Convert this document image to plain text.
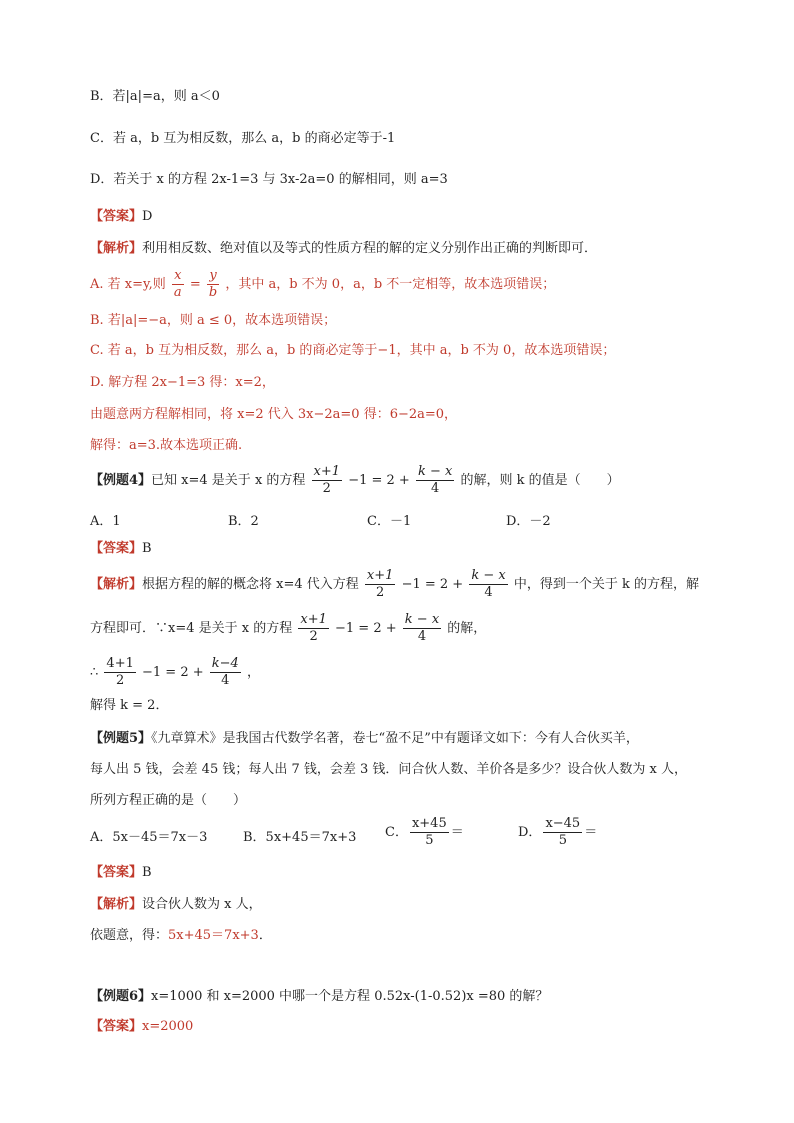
B．若|a|=a，则 a＜0
C．若 a，b 互为相反数，那么 a，b 的商必定等于-1
D．若关于 x 的方程 2x-1=3 与 3x-2a=0 的解相同，则 a=3
【答案】D
【解析】利用相反数、绝对值以及等式的性质方程的解的定义分别作出正确的判断即可．
A. 若 x=y,则 $\frac{x}{a} = \frac{y}{b}$ ，其中 a，b 不为 0，a，b 不一定相等，故本选项错误；
B. 若|a|=−a，则 a ≤ 0，故本选项错误；
C. 若 a，b 互为相反数，那么 a，b 的商必定等于−1，其中 a，b 不为 0，故本选项错误；
D. 解方程 2x−1=3 得：x=2，
由题意两方程解相同，将 x=2 代入 3x−2a=0 得：6−2a=0，
解得：a=3.故本选项正确.
【例题4】已知 x=4 是关于 x 的方程 $\frac{x+1}{2} -1 = 2 + \frac{k - x}{4}$ 的解，则 k 的值是（　　）
A．1	B．2	C．－1	D．－2
【答案】B
【解析】根据方程的解的概念将 x=4 代入方程 $\frac{x+1}{2} -1 = 2 + \frac{k - x}{4}$ 中，得到一个关于 k 的方程，解
方程即可．∵x=4 是关于 x 的方程 $\frac{x+1}{2} -1 = 2 + \frac{k - x}{4}$ 的解，
∴ $\frac{4+1}{2} -1 = 2 + \frac{k-4}{4}$ ，
解得 k = 2．
【例题5】《九章算术》是我国古代数学名著，卷七“盈不足”中有题译文如下：今有人合伙买羊，
每人出 5 钱，会差 45 钱；每人出 7 钱，会差 3 钱．问合伙人数、羊价各是多少？设合伙人数为 x 人，
所列方程正确的是（　　）
A．5x－45＝7x－3	B．5x+45＝7x+3 C． $\frac{x+45}{5}$ ＝	D． $\frac{x-45}{5}$ ＝
【答案】B
【解析】设合伙人数为 x 人，
依题意，得：5x+45＝7x+3．
【例题6】x=1000 和 x=2000 中哪一个是方程 0.52x-(1-0.52)x =80 的解？
【答案】x=2000
